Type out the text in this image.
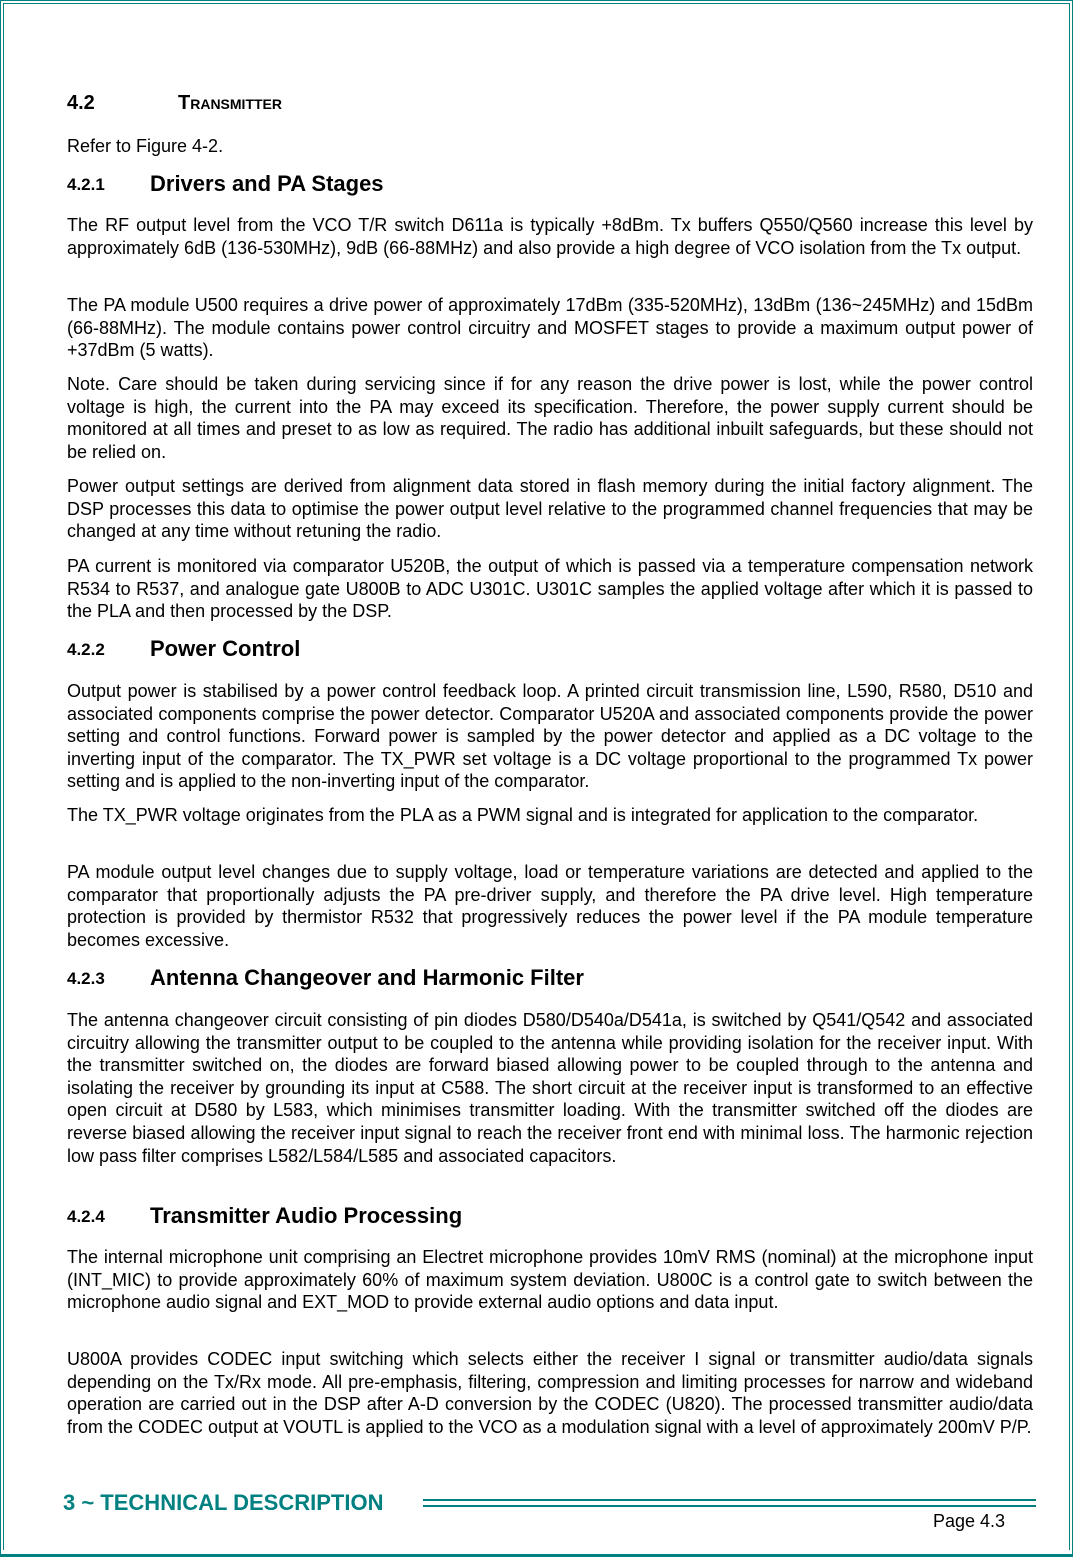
4.2	Transmitter
Refer to Figure 4-2.
4.2.1 Drivers and PA Stages
The RF output level from the VCO T/R switch D611a is typically +8dBm. Tx buffers Q550/Q560 increase this level by approximately 6dB (136-530MHz), 9dB (66-88MHz) and also provide a high degree of VCO isolation from the Tx output.
The PA module U500 requires a drive power of approximately 17dBm (335-520MHz), 13dBm (136~245MHz) and 15dBm (66-88MHz). The module contains power control circuitry and MOSFET stages to provide a maximum output power of +37dBm (5 watts).
Note. Care should be taken during servicing since if for any reason the drive power is lost, while the power control voltage is high, the current into the PA may exceed its specification. Therefore, the power supply current should be monitored at all times and preset to as low as required. The radio has additional inbuilt safeguards, but these should not be relied on.
Power output settings are derived from alignment data stored in flash memory during the initial factory alignment. The DSP processes this data to optimise the power output level relative to the programmed channel frequencies that may be changed at any time without retuning the radio.
PA current is monitored via comparator U520B, the output of which is passed via a temperature compensation network R534 to R537, and analogue gate U800B to ADC U301C. U301C samples the applied voltage after which it is passed to the PLA and then processed by the DSP.
4.2.2 Power Control
Output power is stabilised by a power control feedback loop. A printed circuit transmission line, L590, R580, D510 and associated components comprise the power detector. Comparator U520A and associated components provide the power setting and control functions. Forward power is sampled by the power detector and applied as a DC voltage to the inverting input of the comparator. The TX_PWR set voltage is a DC voltage proportional to the programmed Tx power setting and is applied to the non-inverting input of the comparator.
The TX_PWR voltage originates from the PLA as a PWM signal and is integrated for application to the comparator.
PA module output level changes due to supply voltage, load or temperature variations are detected and applied to the comparator that proportionally adjusts the PA pre-driver supply, and therefore the PA drive level. High temperature protection is provided by thermistor R532 that progressively reduces the power level if the PA module temperature becomes excessive.
4.2.3 Antenna Changeover and Harmonic Filter
The antenna changeover circuit consisting of pin diodes D580/D540a/D541a, is switched by Q541/Q542 and associated circuitry allowing the transmitter output to be coupled to the antenna while providing isolation for the receiver input. With the transmitter switched on, the diodes are forward biased allowing power to be coupled through to the antenna and isolating the receiver by grounding its input at C588. The short circuit at the receiver input is transformed to an effective open circuit at D580 by L583, which minimises transmitter loading. With the transmitter switched off the diodes are reverse biased allowing the receiver input signal to reach the receiver front end with minimal loss. The harmonic rejection low pass filter comprises L582/L584/L585 and associated capacitors.
4.2.4 Transmitter Audio Processing
The internal microphone unit comprising an Electret microphone provides 10mV RMS (nominal) at the microphone input (INT_MIC) to provide approximately 60% of maximum system deviation. U800C is a control gate to switch between the microphone audio signal and EXT_MOD to provide external audio options and data input.
U800A provides CODEC input switching which selects either the receiver I signal or transmitter audio/data signals depending on the Tx/Rx mode. All pre-emphasis, filtering, compression and limiting processes for narrow and wideband operation are carried out in the DSP after A-D conversion by the CODEC (U820). The processed transmitter audio/data from the CODEC output at VOUTL is applied to the VCO as a modulation signal with a level of approximately 200mV P/P.
3 ~ TECHNICAL DESCRIPTION
Page 4.3
